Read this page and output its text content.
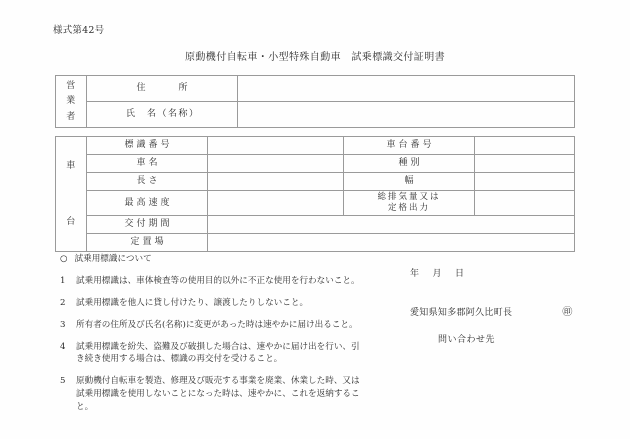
様式第42号
原動機付自転車・小型特殊自動車　試乗標識交付証明書
営
業
者	住　　　所	
	氏　名（名称）	
車
台	標識番号		車台番号	
	車名		種別	
	長さ		幅	
	最高速度		総排気量又は
定格出力	

	交付期間			
	定置場			
○ 試乗用標識について
1	試乗用標識は、車体検査等の使用目的以外に不正な使用を行わないこと。
2	試乗用標識を他人に貸し付けたり、譲渡したりしないこと。
3	所有者の住所及び氏名(名称)に変更があった時は速やかに届け出ること。
4	試乗用標識を紛失、盗難及び破損した場合は、速やかに届け出を行い、引き続き使用する場合は、標識の再交付を受けること。
5	原動機付自転車を製造、修理及び販売する事業を廃業、休業した時、又は試乗用標識を使用しないことになった時は、速やかに、これを返納すること。
年 月 日
愛知県知多郡阿久比町長	㊞
問い合わせ先
